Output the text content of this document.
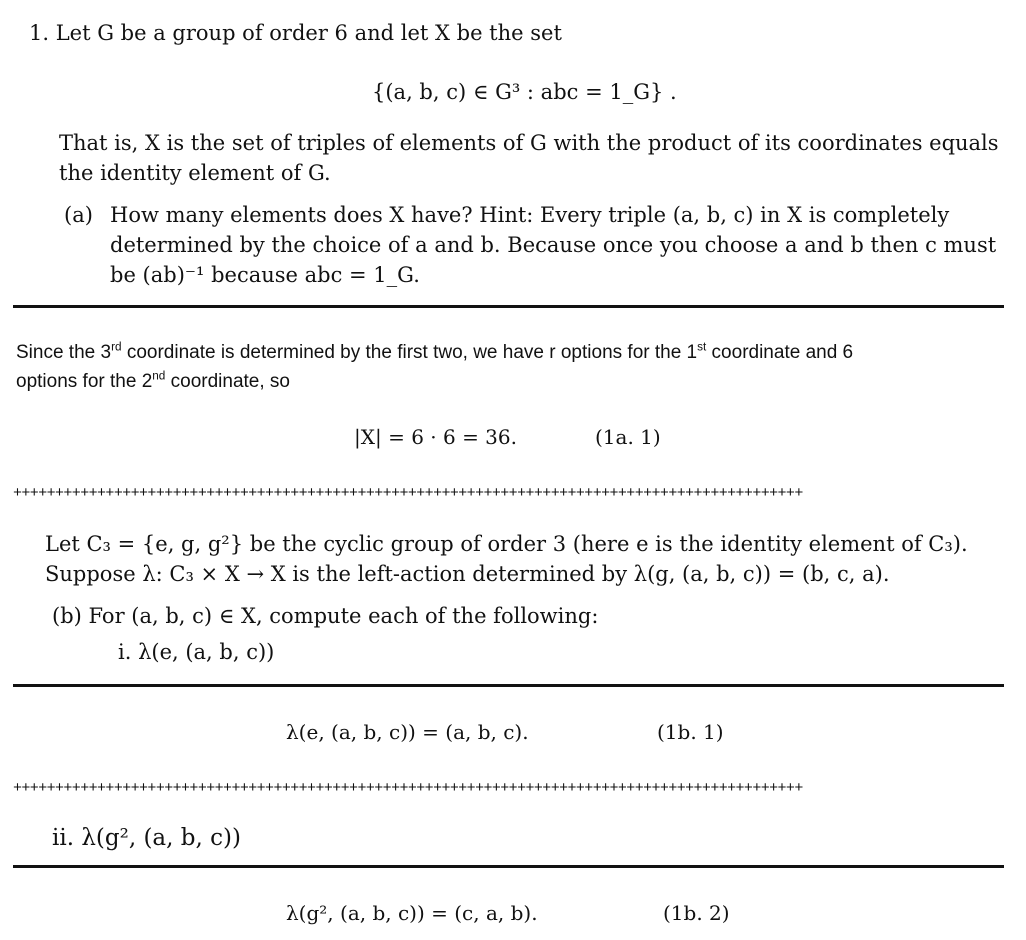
1. Let G be a group of order 6 and let X be the set
{(a, b, c) ∈ G³ : abc = 1_G} .
That is, X is the set of triples of elements of G with the product of its coordinates equals
the identity element of G.
(a) How many elements does X have? Hint: Every triple (a, b, c) in X is completely
determined by the choice of a and b. Because once you choose a and b then c must
be (ab)⁻¹ because abc = 1_G.
Since the 3rd coordinate is determined by the first two, we have r options for the 1st coordinate and 6
options for the 2nd coordinate, so
|X| = 6 · 6 = 36.	(1a. 1)
++++++++++++++++++++++++++++++++++++++++++++++++++++++++++++++++++++++++++++++++++++++++++++++
Let C₃ = {e, g, g²} be the cyclic group of order 3 (here e is the identity element of C₃).
Suppose λ: C₃ × X → X is the left-action determined by λ(g, (a, b, c)) = (b, c, a).
(b) For (a, b, c) ∈ X, compute each of the following:
i. λ(e, (a, b, c))
λ(e, (a, b, c)) = (a, b, c).	(1b. 1)
++++++++++++++++++++++++++++++++++++++++++++++++++++++++++++++++++++++++++++++++++++++++++++++
ii. λ(g², (a, b, c))
λ(g², (a, b, c)) = (c, a, b).	(1b. 2)
